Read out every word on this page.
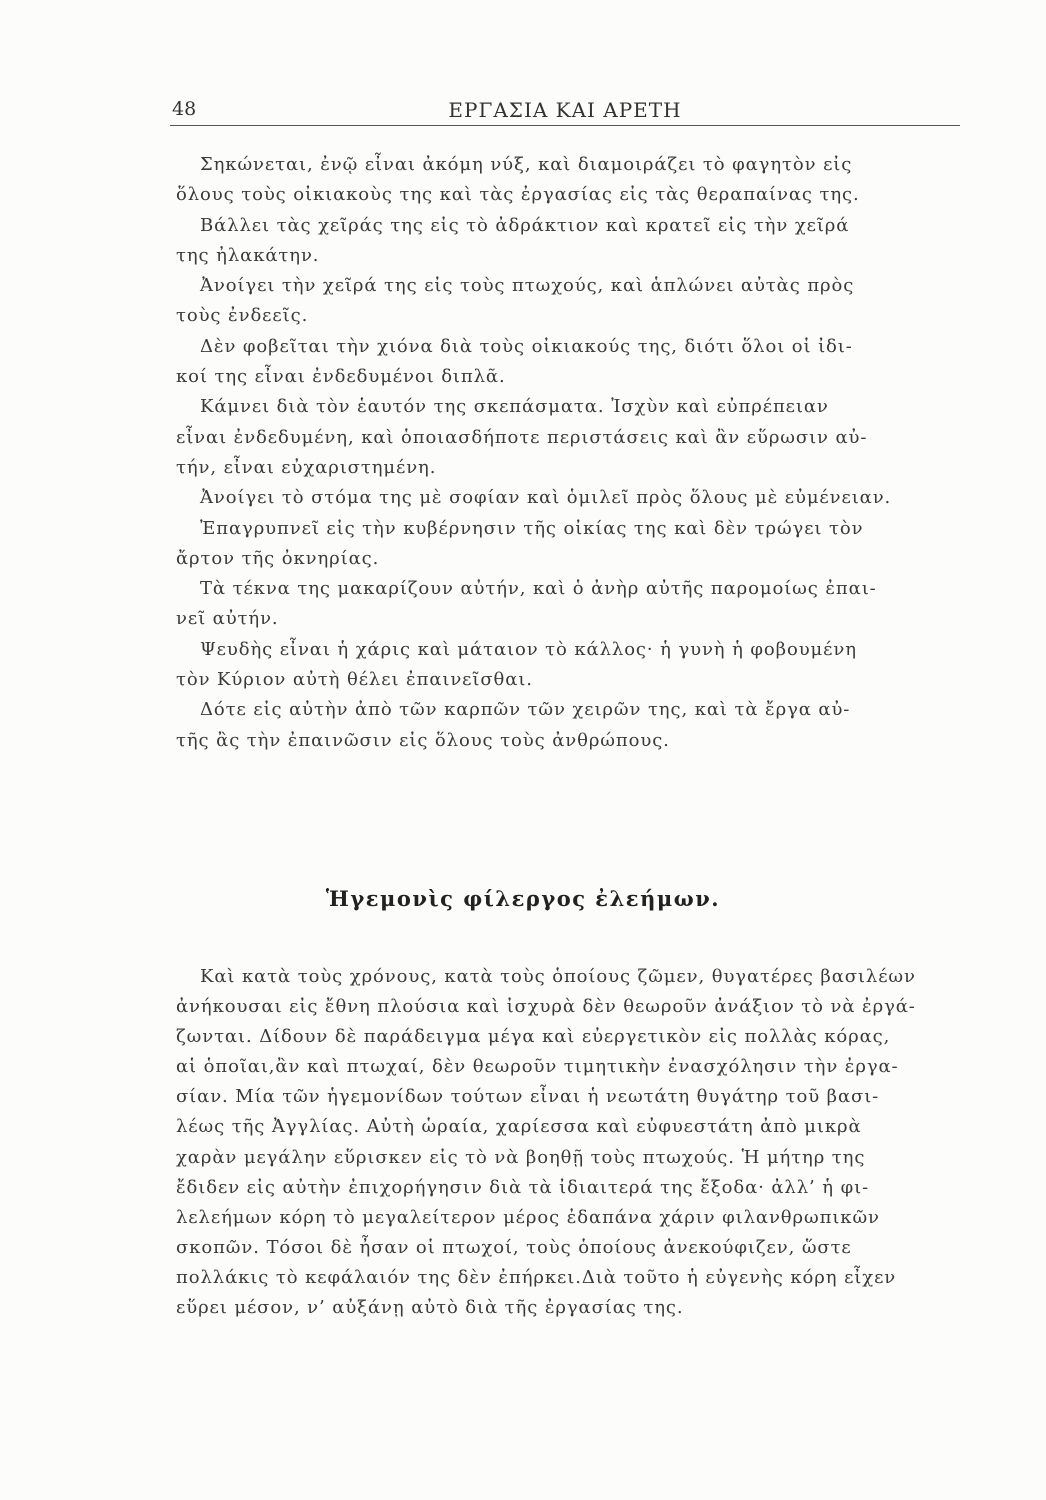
48	ΕΡΓΑΣΙΑ ΚΑΙ ΑΡΕΤΗ
Σηκώνεται, ἐνῷ εἶναι ἀκόμη νύξ, καὶ διαμοιράζει τὸ φαγητὸν εἰς
ὅλους τοὺς οἰκιακοὺς της καὶ τὰς ἐργασίας εἰς τὰς θεραπαίνας της.
Βάλλει τὰς χεῖράς της εἰς τὸ ἀδράκτιον καὶ κρατεῖ εἰς τὴν χεῖρά
της ἠλακάτην.
Ἀνοίγει τὴν χεῖρά της εἰς τοὺς πτωχούς, καὶ ἁπλώνει αὐτὰς πρὸς
τοὺς ἐνδεεῖς.
Δὲν φοβεῖται τὴν χιόνα διὰ τοὺς οἰκιακούς της, διότι ὅλοι οἱ ἰδι-
κοί της εἶναι ἐνδεδυμένοι διπλᾶ.
Κάμνει διὰ τὸν ἑαυτόν της σκεπάσματα. Ἰσχὺν καὶ εὐπρέπειαν
εἶναι ἐνδεδυμένη, καὶ ὁποιασδήποτε περιστάσεις καὶ ἂν εὕρωσιν αὐ-
τήν, εἶναι εὐχαριστημένη.
Ἀνοίγει τὸ στόμα της μὲ σοφίαν καὶ ὁμιλεῖ πρὸς ὅλους μὲ εὐμένειαν.
Ἐπαγρυπνεῖ εἰς τὴν κυβέρνησιν τῆς οἰκίας της καὶ δὲν τρώγει τὸν
ἄρτον τῆς ὀκνηρίας.
Τὰ τέκνα της μακαρίζουν αὐτήν, καὶ ὁ ἀνὴρ αὐτῆς παρομοίως ἐπαι-
νεῖ αὐτήν.
Ψευδὴς εἶναι ἡ χάρις καὶ μάταιον τὸ κάλλος· ἡ γυνὴ ἡ φοβουμένη
τὸν Κύριον αὐτὴ θέλει ἐπαινεῖσθαι.
Δότε εἰς αὐτὴν ἀπὸ τῶν καρπῶν τῶν χειρῶν της, καὶ τὰ ἔργα αὐ-
τῆς ἂς τὴν ἐπαινῶσιν εἰς ὅλους τοὺς ἀνθρώπους.
Ἡγεμονὶς φίλεργος ἐλεήμων.
Καὶ κατὰ τοὺς χρόνους, κατὰ τοὺς ὁποίους ζῶμεν, θυγατέρες βασιλέων
ἀνήκουσαι εἰς ἔθνη πλούσια καὶ ἰσχυρὰ δὲν θεωροῦν ἀνάξιον τὸ νὰ ἐργά-
ζωνται. Δίδουν δὲ παράδειγμα μέγα καὶ εὐεργετικὸν εἰς πολλὰς κόρας,
αἱ ὁποῖαι,ἂν καὶ πτωχαί, δὲν θεωροῦν τιμητικὴν ἐνασχόλησιν τὴν ἐργα-
σίαν. Μία τῶν ἡγεμονίδων τούτων εἶναι ἡ νεωτάτη θυγάτηρ τοῦ βασι-
λέως τῆς Ἀγγλίας. Αὐτὴ ὡραία, χαρίεσσα καὶ εὐφυεστάτη ἀπὸ μικρὰ
χαρὰν μεγάλην εὕρισκεν εἰς τὸ νὰ βοηθῇ τοὺς πτωχούς. Ἡ μήτηρ της
ἔδιδεν εἰς αὐτὴν ἐπιχορήγησιν διὰ τὰ ἰδιαιτερά της ἔξοδα· ἀλλ’ ἡ φι-
λελεήμων κόρη τὸ μεγαλείτερον μέρος ἐδαπάνα χάριν φιλανθρωπικῶν
σκοπῶν. Τόσοι δὲ ἦσαν οἱ πτωχοί, τοὺς ὁποίους ἀνεκούφιζεν, ὥστε
πολλάκις τὸ κεφάλαιόν της δὲν ἐπήρκει.Διὰ τοῦτο ἡ εὐγενὴς κόρη εἶχεν
εὕρει μέσον, ν’ αὐξάνῃ αὐτὸ διὰ τῆς ἐργασίας της.
